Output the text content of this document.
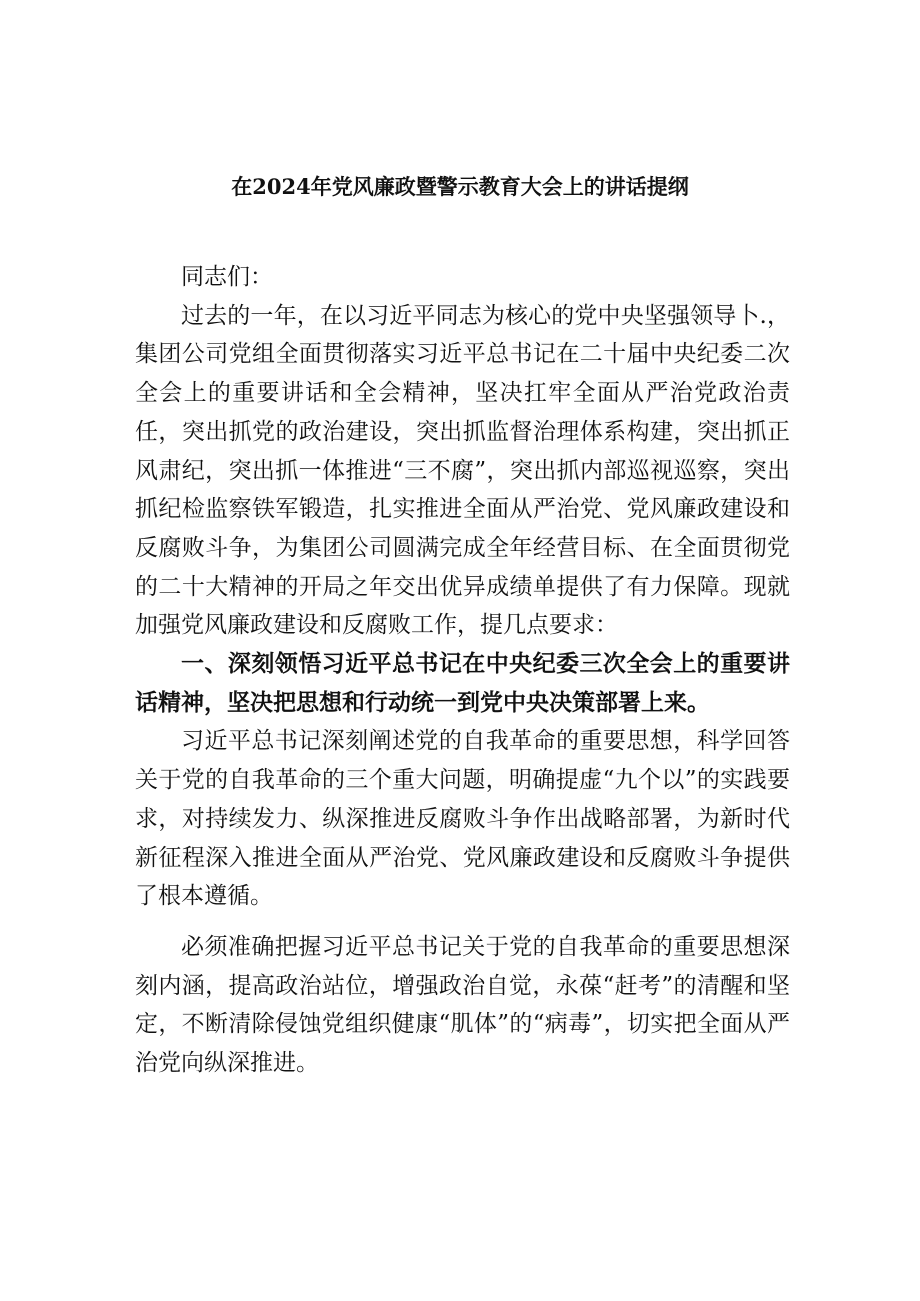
在2024年党风廉政暨警示教育大会上的讲话提纲

同志们：

过去的一年，在以习近平同志为核心的党中央坚强领导卜.，集团公司党组全面贯彻落实习近平总书记在二十届中央纪委二次全会上的重要讲话和全会精神，坚决扛牢全面从严治党政治责任，突出抓党的政治建设，突出抓监督治理体系构建，突出抓正风肃纪，突出抓一体推进“三不腐”，突出抓内部巡视巡察，突出抓纪检监察铁军锻造，扎实推进全面从严治党、党风廉政建设和反腐败斗争，为集团公司圆满完成全年经营目标、在全面贯彻党的二十大精神的开局之年交出优异成绩单提供了有力保障。现就加强党风廉政建设和反腐败工作，提几点要求：

一、深刻领悟习近平总书记在中央纪委三次全会上的重要讲话精神，坚决把思想和行动统一到党中央决策部署上来。

习近平总书记深刻阐述党的自我革命的重要思想，科学回答关于党的自我革命的三个重大问题，明确提虚“九个以”的实践要求，对持续发力、纵深推进反腐败斗争作出战略部署，为新时代新征程深入推进全面从严治党、党风廉政建设和反腐败斗争提供了根本遵循。

必须准确把握习近平总书记关于党的自我革命的重要思想深刻内涵，提高政治站位，增强政治自觉，永葆“赶考”的清醒和坚定，不断清除侵蚀党组织健康“肌体”的“病毒”，切实把全面从严治党向纵深推进。
